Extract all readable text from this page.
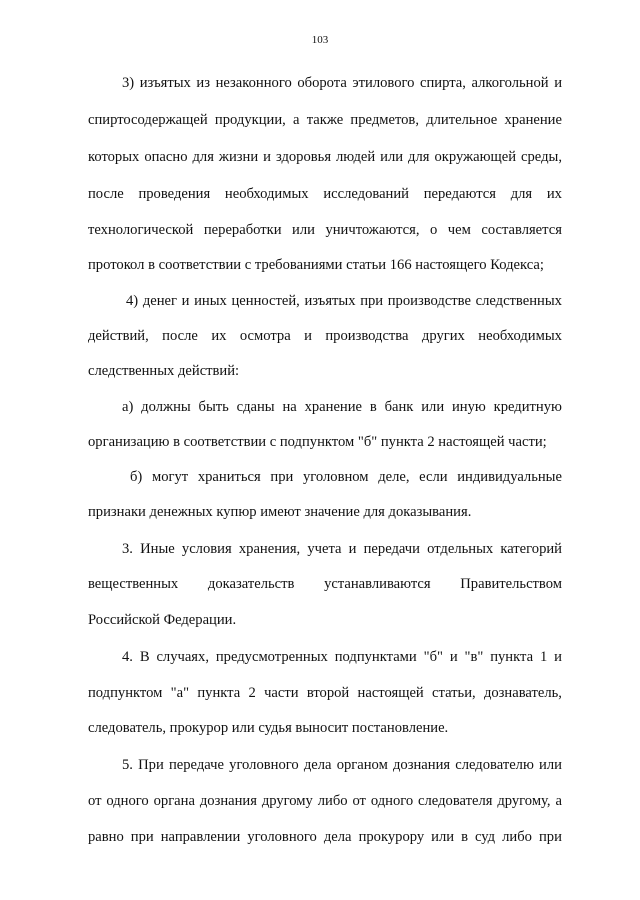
103
3) изъятых из незаконного оборота этилового спирта, алкогольной и
спиртосодержащей продукции, а также предметов, длительное хранение
которых опасно для жизни и здоровья людей или для окружающей среды,
после проведения необходимых исследований передаются для их
технологической переработки или уничтожаются, о чем составляется
протокол в соответствии с требованиями статьи 166 настоящего Кодекса;
4) денег и иных ценностей, изъятых при производстве следственных
действий, после их осмотра и производства других необходимых
следственных действий:
а) должны быть сданы на хранение в банк или иную кредитную
организацию в соответствии с подпунктом "б" пункта 2 настоящей части;
б) могут храниться при уголовном деле, если индивидуальные
признаки денежных купюр имеют значение для доказывания.
3. Иные условия хранения, учета и передачи отдельных категорий
вещественных доказательств устанавливаются Правительством
Российской Федерации.
4. В случаях, предусмотренных подпунктами "б" и "в" пункта 1 и
подпунктом "а" пункта 2 части второй настоящей статьи, дознаватель,
следователь, прокурор или судья выносит постановление.
5. При передаче уголовного дела органом дознания следователю или
от одного органа дознания другому либо от одного следователя другому, а
равно при направлении уголовного дела прокурору или в суд либо при
